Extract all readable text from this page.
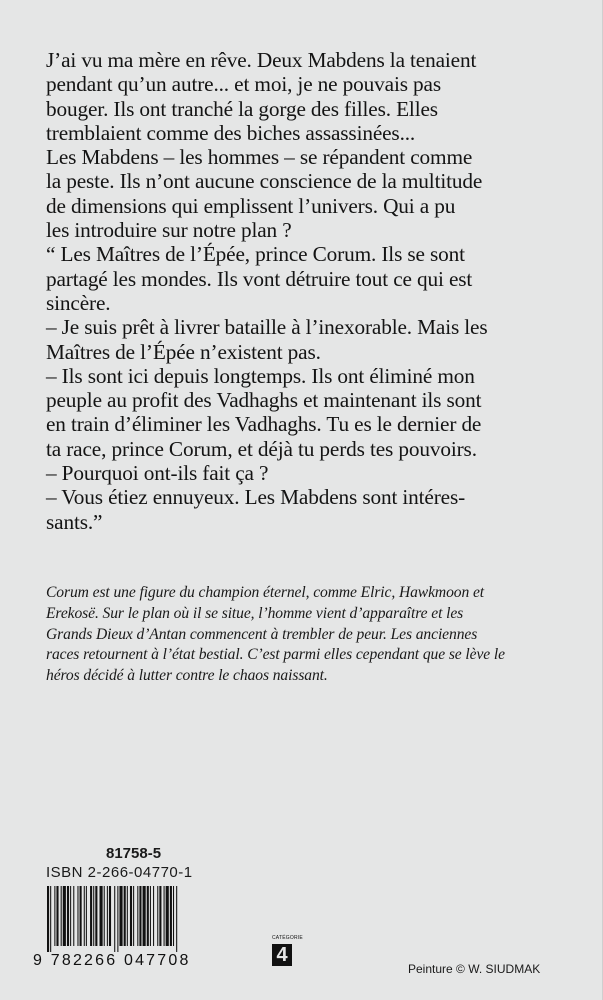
J’ai vu ma mère en rêve. Deux Mabdens la tenaient
pendant qu’un autre... et moi, je ne pouvais pas
bouger. Ils ont tranché la gorge des filles. Elles
tremblaient comme des biches assassinées...
Les Mabdens – les hommes – se répandent comme
la peste. Ils n’ont aucune conscience de la multitude
de dimensions qui emplissent l’univers. Qui a pu
les introduire sur notre plan ?
“ Les Maîtres de l’Épée, prince Corum. Ils se sont
partagé les mondes. Ils vont détruire tout ce qui est
sincère.
– Je suis prêt à livrer bataille à l’inexorable. Mais les
Maîtres de l’Épée n’existent pas.
– Ils sont ici depuis longtemps. Ils ont éliminé mon
peuple au profit des Vadhaghs et maintenant ils sont
en train d’éliminer les Vadhaghs. Tu es le dernier de
ta race, prince Corum, et déjà tu perds tes pouvoirs.
– Pourquoi ont-ils fait ça ?
– Vous étiez ennuyeux. Les Mabdens sont intéres-
sants.”
Corum est une figure du champion éternel, comme Elric, Hawkmoon et
Erekosë. Sur le plan où il se situe, l’homme vient d’apparaître et les
Grands Dieux d’Antan commencent à trembler de peur. Les anciennes
races retournent à l’état bestial. C’est parmi elles cependant que se lève le
héros décidé à lutter contre le chaos naissant.
81758-5
ISBN 2-266-04770-1
9 782266 047708
CATÉGORIE
4
Peinture © W. SIUDMAK
